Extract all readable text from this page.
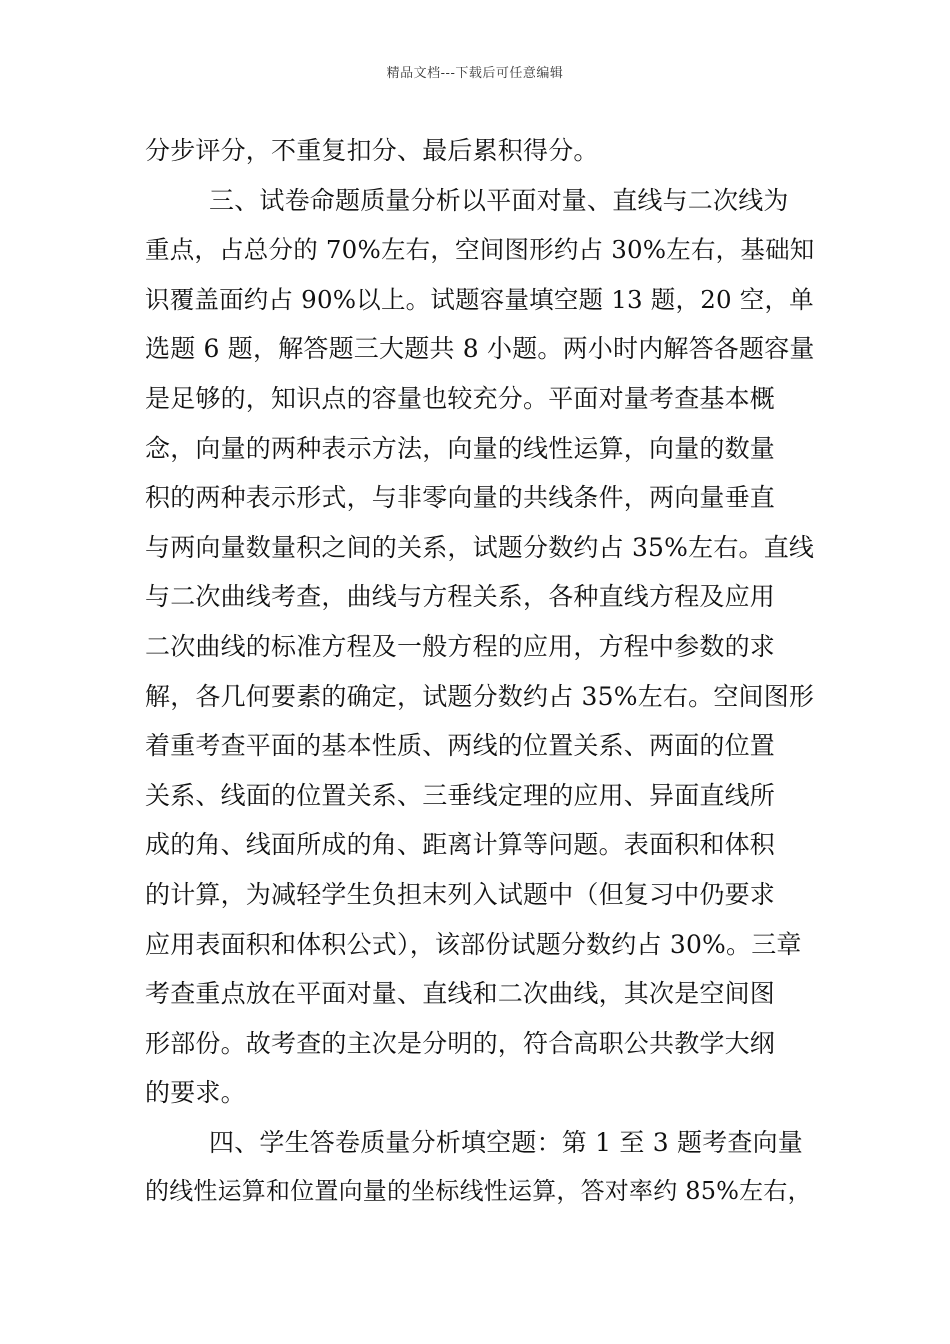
精品文档---下载后可任意编辑
分步评分，不重复扣分、最后累积得分。
三、试卷命题质量分析以平面对量、直线与二次线为
重点，占总分的 70%左右，空间图形约占 30%左右，基础知
识覆盖面约占 90%以上。试题容量填空题 13 题，20 空，单
选题 6 题，解答题三大题共 8 小题。两小时内解答各题容量
是足够的，知识点的容量也较充分。平面对量考查基本概
念，向量的两种表示方法，向量的线性运算，向量的数量
积的两种表示形式，与非零向量的共线条件，两向量垂直
与两向量数量积之间的关系，试题分数约占 35%左右。直线
与二次曲线考查，曲线与方程关系，各种直线方程及应用
二次曲线的标准方程及一般方程的应用，方程中参数的求
解，各几何要素的确定，试题分数约占 35%左右。空间图形
着重考查平面的基本性质、两线的位置关系、两面的位置
关系、线面的位置关系、三垂线定理的应用、异面直线所
成的角、线面所成的角、距离计算等问题。表面积和体积
的计算，为减轻学生负担末列入试题中（但复习中仍要求
应用表面积和体积公式），该部份试题分数约占 30%。三章
考查重点放在平面对量、直线和二次曲线，其次是空间图
形部份。故考查的主次是分明的，符合高职公共教学大纲
的要求。
四、学生答卷质量分析填空题：第 1 至 3 题考查向量
的线性运算和位置向量的坐标线性运算，答对率约 85%左右，
